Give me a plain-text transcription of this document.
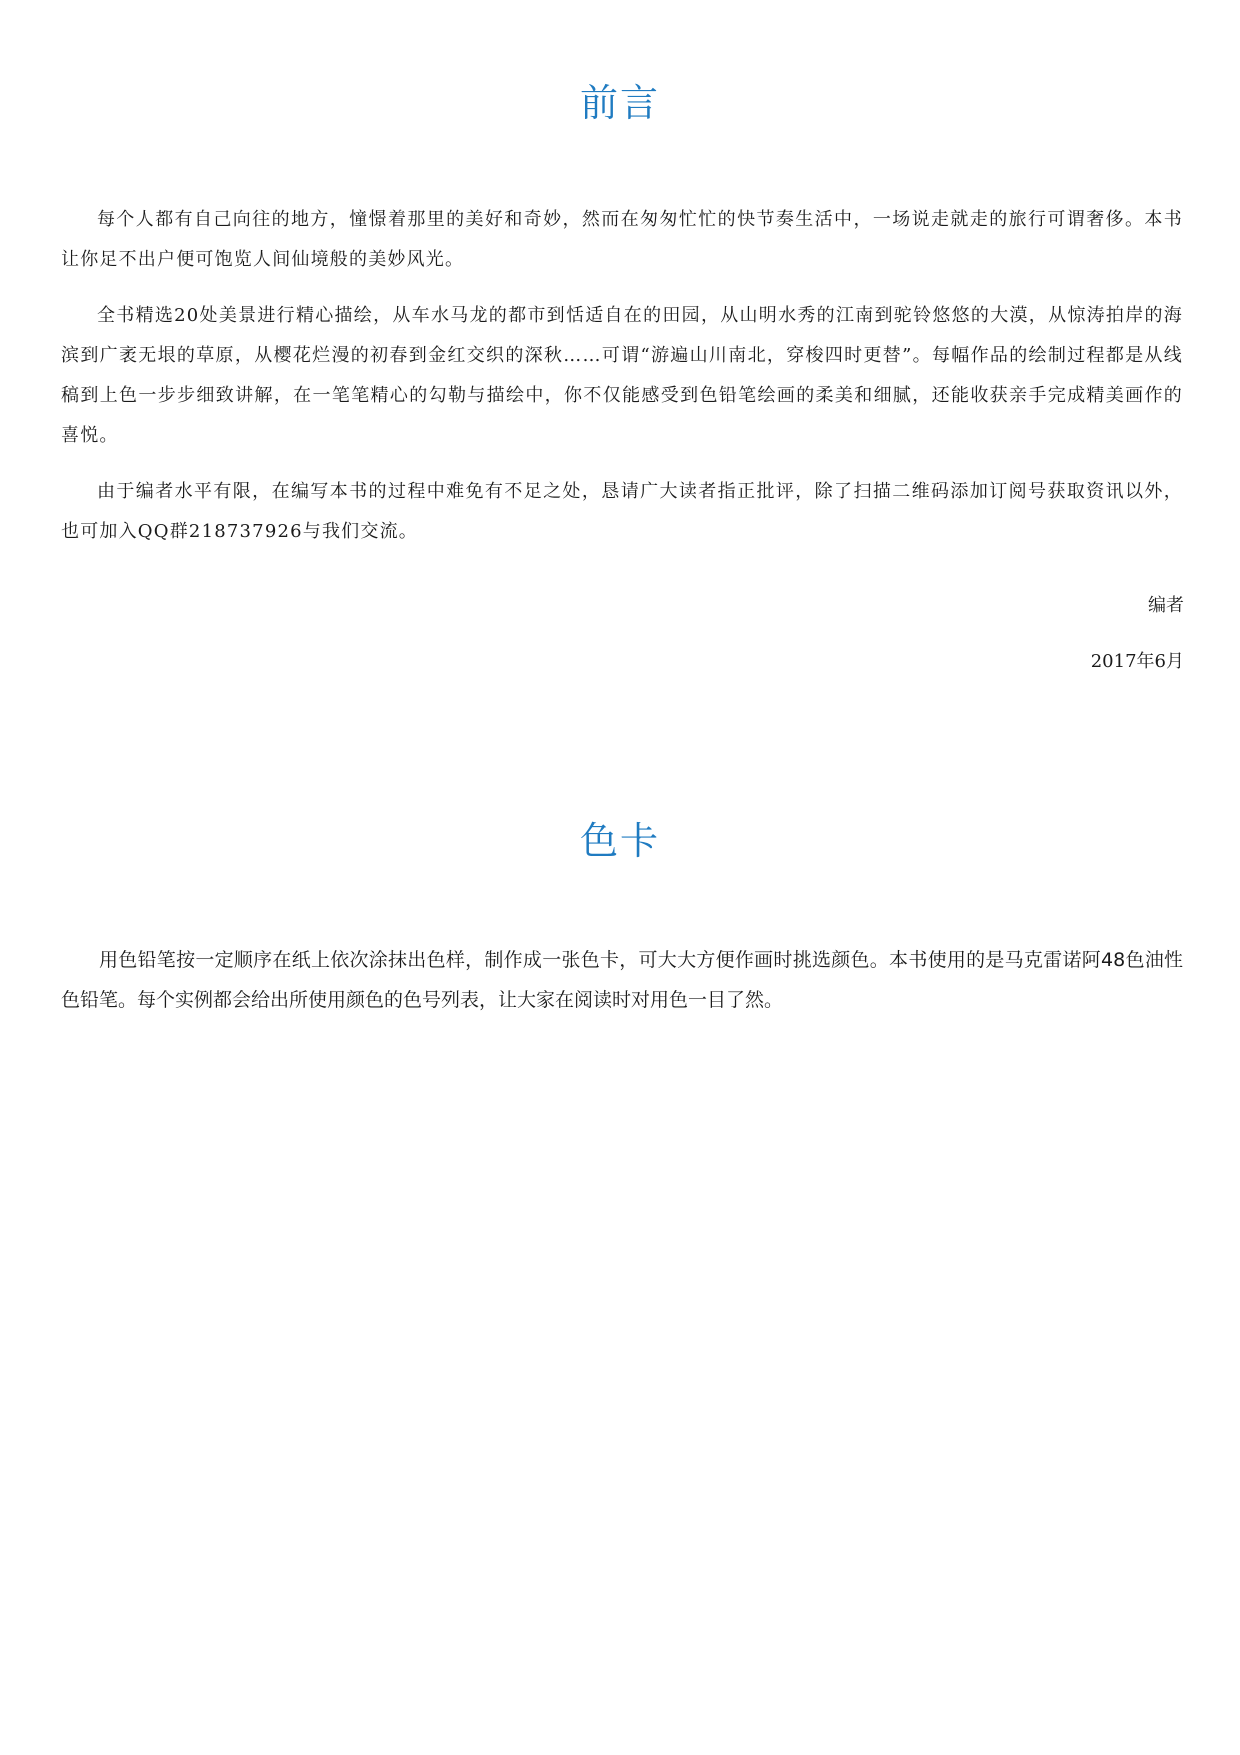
前言

每个人都有自己向往的地方，憧憬着那里的美好和奇妙，然而在匆匆忙忙的快节奏生活中，一场说走就走的旅行可谓奢侈。本书让你足不出户便可饱览人间仙境般的美妙风光。

全书精选20处美景进行精心描绘，从车水马龙的都市到恬适自在的田园，从山明水秀的江南到驼铃悠悠的大漠，从惊涛拍岸的海滨到广袤无垠的草原，从樱花烂漫的初春到金红交织的深秋……可谓“游遍山川南北，穿梭四时更替”。每幅作品的绘制过程都是从线稿到上色一步步细致讲解，在一笔笔精心的勾勒与描绘中，你不仅能感受到色铅笔绘画的柔美和细腻，还能收获亲手完成精美画作的喜悦。

由于编者水平有限，在编写本书的过程中难免有不足之处，恳请广大读者指正批评，除了扫描二维码添加订阅号获取资讯以外，也可加入QQ群218737926与我们交流。

编者
2017年6月
色卡

用色铅笔按一定顺序在纸上依次涂抹出色样，制作成一张色卡，可大大方便作画时挑选颜色。本书使用的是马克雷诺阿48色油性色铅笔。每个实例都会给出所使用颜色的色号列表，让大家在阅读时对用色一目了然。
